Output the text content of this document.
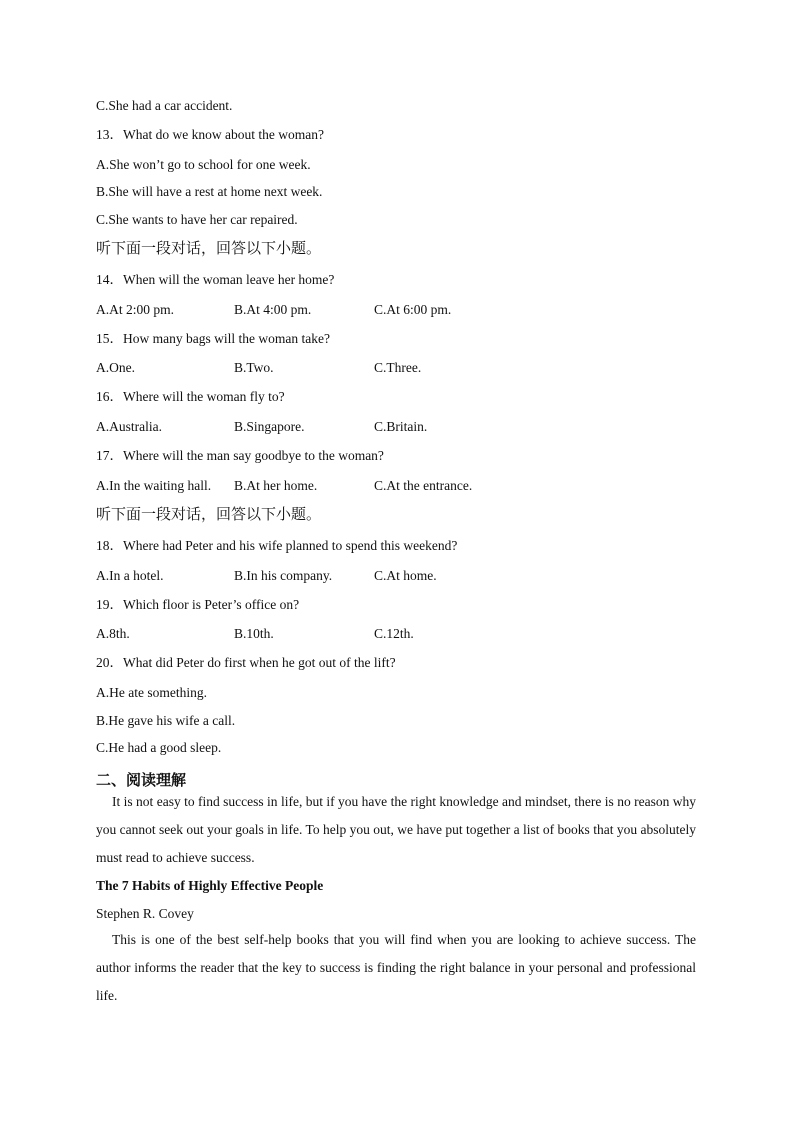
C.She had a car accident.
13．What do we know about the woman?
A.She won’t go to school for one week.
B.She will have a rest at home next week.
C.She wants to have her car repaired.
听下面一段对话，回答以下小题。
14．When will the woman leave her home?
A.At 2:00 pm.	B.At 4:00 pm.	C.At 6:00 pm.
15．How many bags will the woman take?
A.One.	B.Two.	C.Three.
16．Where will the woman fly to?
A.Australia.	B.Singapore.	C.Britain.
17．Where will the man say goodbye to the woman?
A.In the waiting hall. B.At her home.	C.At the entrance.
听下面一段对话，回答以下小题。
18．Where had Peter and his wife planned to spend this weekend?
A.In a hotel.	B.In his company.	C.At home.
19．Which floor is Peter’s office on?
A.8th.	B.10th.	C.12th.
20．What did Peter do first when he got out of the lift?
A.He ate something.
B.He gave his wife a call.
C.He had a good sleep.
二、阅读理解
It is not easy to find success in life, but if you have the right knowledge and mindset, there is no reason why you cannot seek out your goals in life. To help you out, we have put together a list of books that you absolutely must read to achieve success.
The 7 Habits of Highly Effective People
Stephen R. Covey
This is one of the best self-help books that you will find when you are looking to achieve success. The author informs the reader that the key to success is finding the right balance in your personal and professional life.
